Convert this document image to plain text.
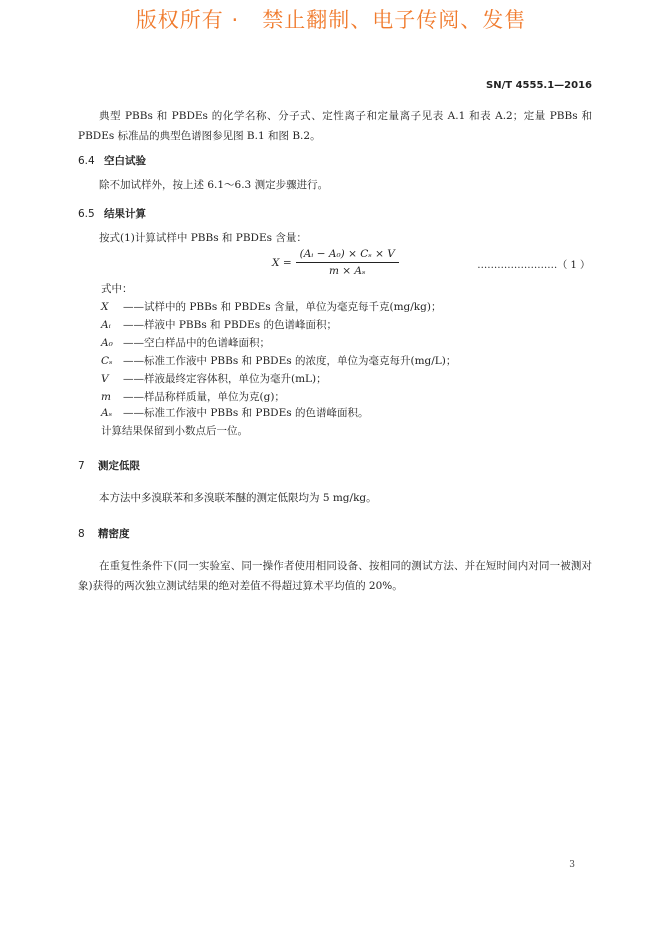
版权所有 ·   禁止翻制、电子传阅、发售
SN/T 4555.1—2016
典型 PBBs 和 PBDEs 的化学名称、分子式、定性离子和定量离子见表 A.1 和表 A.2；定量 PBBs 和 PBDEs 标准品的典型色谱图参见图 B.1 和图 B.2。
6.4 空白试验
除不加试样外，按上述 6.1～6.3 测定步骤进行。
6.5 结果计算
按式(1)计算试样中 PBBs 和 PBDEs 含量：
$X = \frac{\text{(Aᵢ − A₀) × Cₛ × V}}{\text{m × Aₛ}}$	……………………（ 1 ）
式中：
X ——试样中的 PBBs 和 PBDEs 含量，单位为毫克每千克(mg/kg)；
Aᵢ ——样液中 PBBs 和 PBDEs 的色谱峰面积；
A₀ ——空白样品中的色谱峰面积；
Cₛ ——标准工作液中 PBBs 和 PBDEs 的浓度，单位为毫克每升(mg/L)；
V ——样液最终定容体积，单位为毫升(mL)；
m ——样品称样质量，单位为克(g)；
Aₛ ——标准工作液中 PBBs 和 PBDEs 的色谱峰面积。
计算结果保留到小数点后一位。
7 测定低限
本方法中多溴联苯和多溴联苯醚的测定低限均为 5 mg/kg。
8 精密度
在重复性条件下(同一实验室、同一操作者使用相同设备、按相同的测试方法、并在短时间内对同一被测对象)获得的两次独立测试结果的绝对差值不得超过算术平均值的 20%。
3
